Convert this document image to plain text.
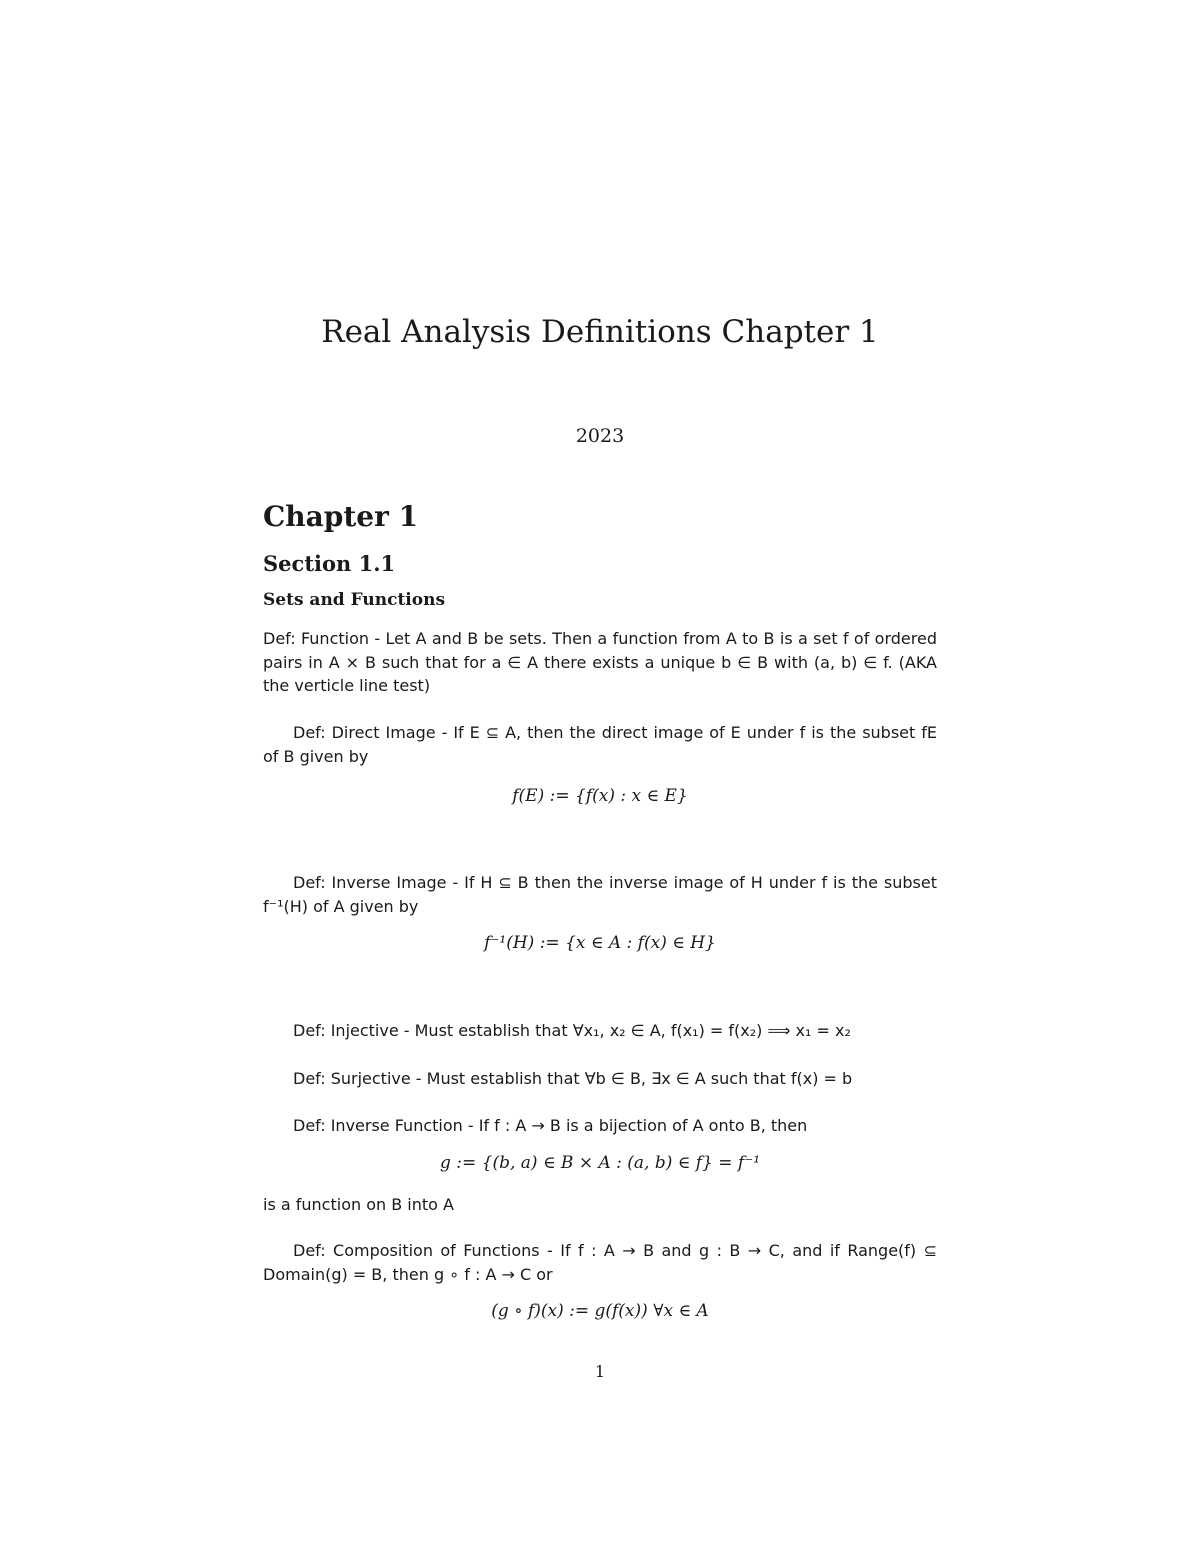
Real Analysis Definitions Chapter 1
2023
Chapter 1
Section 1.1
Sets and Functions
Def: Function - Let A and B be sets. Then a function from A to B is a set f of ordered pairs in A × B such that for a ∈ A there exists a unique b ∈ B with (a, b) ∈ f. (AKA the verticle line test)
Def: Direct Image - If E ⊆ A, then the direct image of E under f is the subset fE of B given by
f(E) := {f(x) : x ∈ E}
Def: Inverse Image - If H ⊆ B then the inverse image of H under f is the subset f⁻¹(H) of A given by
f⁻¹(H) := {x ∈ A : f(x) ∈ H}
Def: Injective - Must establish that ∀x₁, x₂ ∈ A, f(x₁) = f(x₂) ⟹ x₁ = x₂
Def: Surjective - Must establish that ∀b ∈ B, ∃x ∈ A such that f(x) = b
Def: Inverse Function - If f : A → B is a bijection of A onto B, then
g := {(b, a) ∈ B × A : (a, b) ∈ f} = f⁻¹
is a function on B into A
Def: Composition of Functions - If f : A → B and g : B → C, and if Range(f) ⊆ Domain(g) = B, then g ∘ f : A → C or
(g ∘ f)(x) := g(f(x)) ∀x ∈ A
1
